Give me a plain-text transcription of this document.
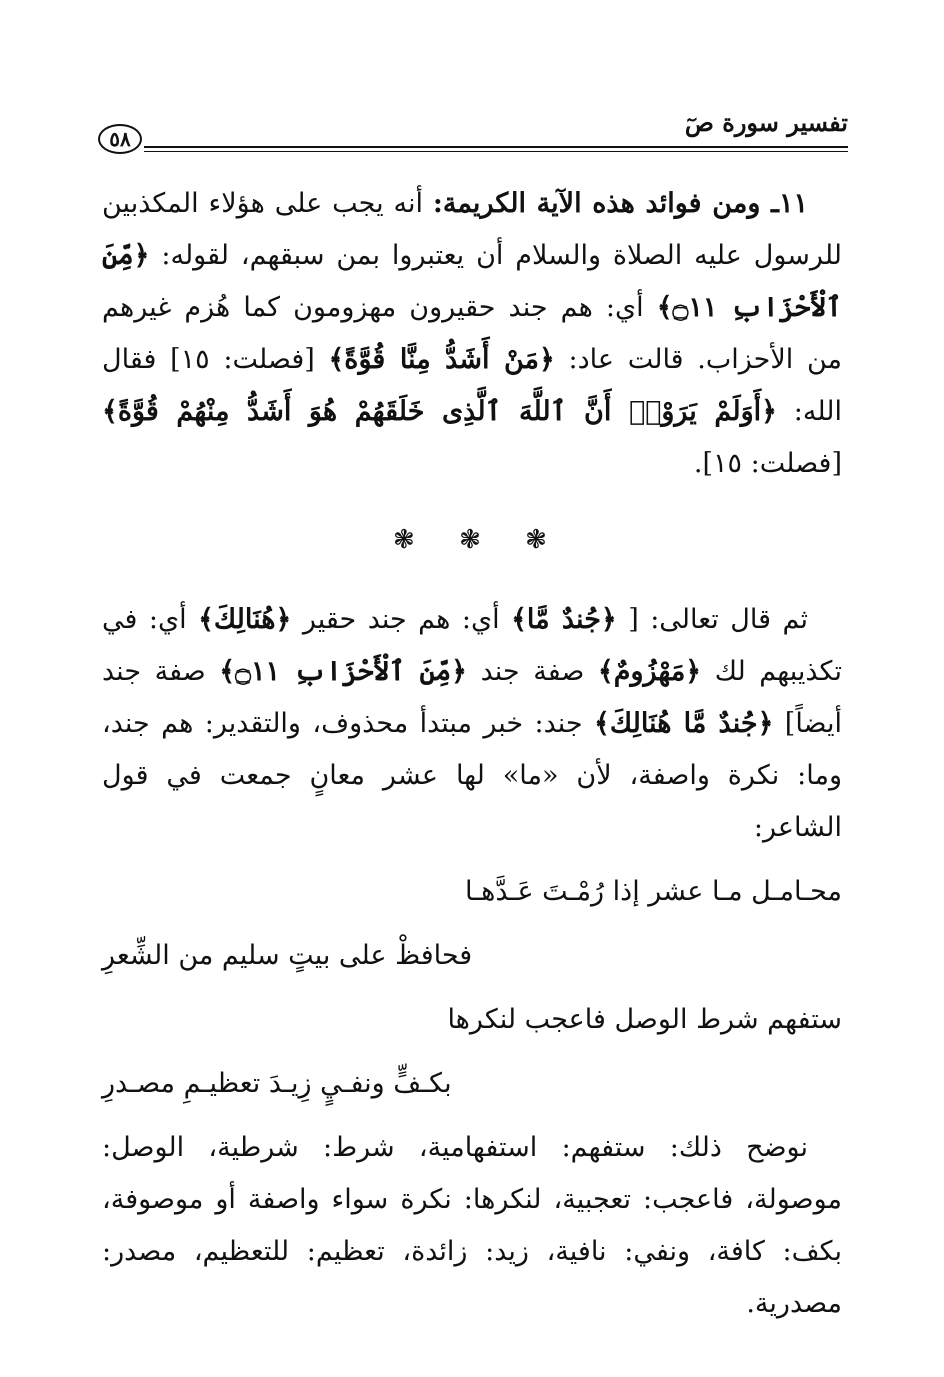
تفسير سورة صٓ
٥٨

١١ـ ومن فوائد هذه الآية الكريمة: أنه يجب على هؤلاء المكذبين للرسول عليه الصلاة والسلام أن يعتبروا بمن سبقهم، لقوله: ﴿مِّنَ ٱلْأَحْزَابِ ۝١١﴾ أي: هم جند حقيرون مهزومون كما هُزم غيرهم من الأحزاب. قالت عاد: ﴿مَنْ أَشَدُّ مِنَّا قُوَّةً﴾ [فصلت: ١٥] فقال الله: ﴿أَوَلَمْ يَرَوْا۟ أَنَّ ٱللَّهَ ٱلَّذِى خَلَقَهُمْ هُوَ أَشَدُّ مِنْهُمْ قُوَّةً﴾ [فصلت: ١٥].

❃ ❃ ❃

ثم قال تعالى: [ ﴿جُندٌ مَّا﴾ أي: هم جند حقير ﴿هُنَالِكَ﴾ أي: في تكذيبهم لك ﴿مَهْزُومٌ﴾ صفة جند ﴿مِّنَ ٱلْأَحْزَابِ ۝١١﴾ صفة جند أيضاً] ﴿جُندٌ مَّا هُنَالِكَ﴾ جند: خبر مبتدأ محذوف، والتقدير: هم جند، وما: نكرة واصفة، لأن «ما» لها عشر معانٍ جمعت في قول الشاعر:

محـامـل مـا عشر إذا رُمْـتَ عَـدَّهـا
فحافظْ على بيتٍ سليم من الشِّعرِ
ستفهم شرط الوصل فاعجب لنكرها
بكـفٍّ ونفـيٍ زِيـدَ تعظيـمِ مصـدرِ

نوضح ذلك: ستفهم: استفهامية، شرط: شرطية، الوصل: موصولة، فاعجب: تعجبية، لنكرها: نكرة سواء واصفة أو موصوفة، بكف: كافة، ونفي: نافية، زيد: زائدة، تعظيم: للتعظيم، مصدر: مصدرية.
